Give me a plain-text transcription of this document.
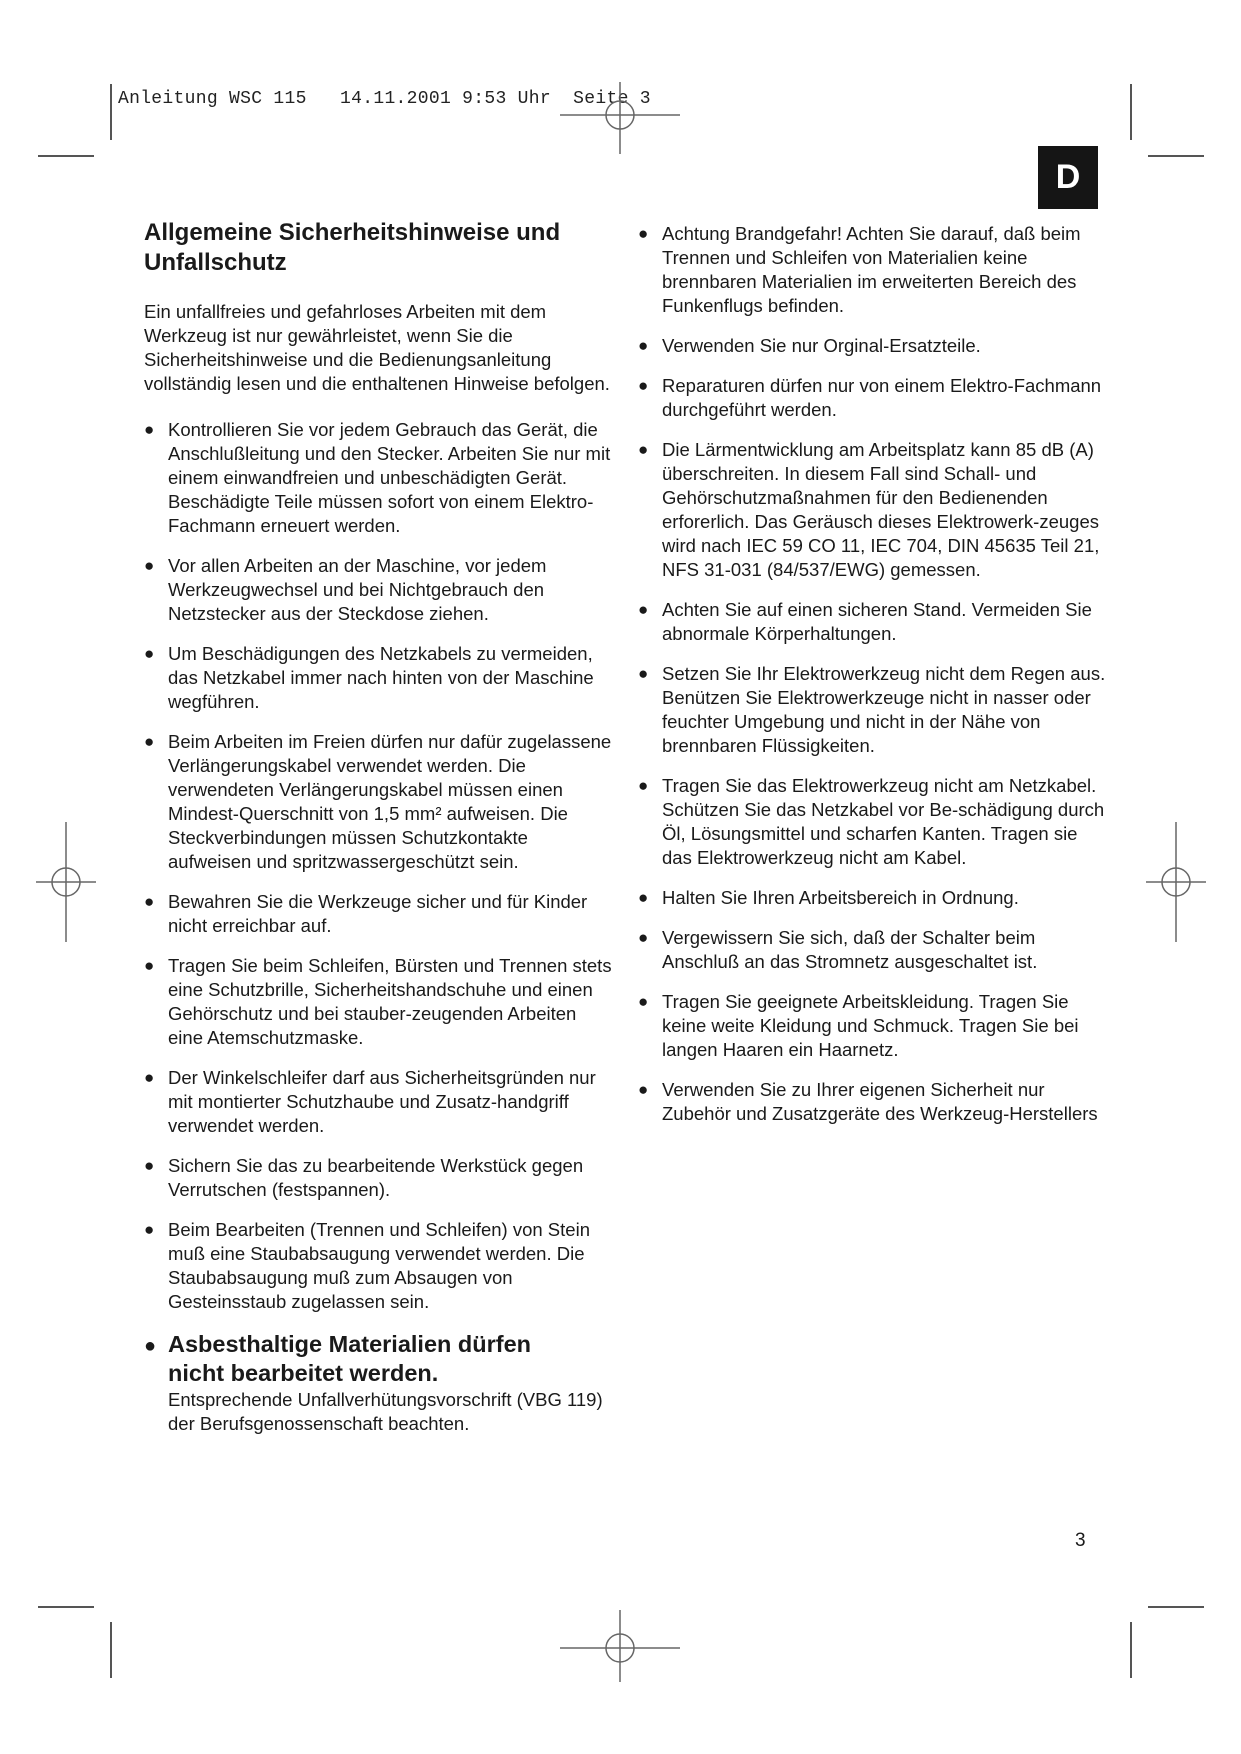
Anleitung WSC 115   14.11.2001 9:53 Uhr  Seite 3
D
Allgemeine Sicherheitshinweise und Unfallschutz

Ein unfallfreies und gefahrloses Arbeiten mit dem Werkzeug ist nur gewährleistet, wenn Sie die Sicherheitshinweise und die Bedienungsanleitung vollständig lesen und die enthaltenen Hinweise befolgen.

● Kontrollieren Sie vor jedem Gebrauch das Gerät, die Anschlußleitung und den Stecker. Arbeiten Sie nur mit einem einwandfreien und unbeschädigten Gerät. Beschädigte Teile müssen sofort von einem Elektro-Fachmann erneuert werden.
● Vor allen Arbeiten an der Maschine, vor jedem Werkzeugwechsel und bei Nichtgebrauch den Netzstecker aus der Steckdose ziehen.
● Um Beschädigungen des Netzkabels zu vermeiden, das Netzkabel immer nach hinten von der Maschine wegführen.
● Beim Arbeiten im Freien dürfen nur dafür zugelassene Verlängerungskabel verwendet werden. Die verwendeten Verlängerungskabel müssen einen Mindest-Querschnitt von 1,5 mm² aufweisen. Die Steckverbindungen müssen Schutzkontakte aufweisen und spritzwassergeschützt sein.
● Bewahren Sie die Werkzeuge sicher und für Kinder nicht erreichbar auf.
● Tragen Sie beim Schleifen, Bürsten und Trennen stets eine Schutzbrille, Sicherheitshandschuhe und einen Gehörschutz und bei stauber-zeugenden Arbeiten eine Atemschutzmaske.
● Der Winkelschleifer darf aus Sicherheitsgründen nur mit montierter Schutzhaube und Zusatz-handgriff verwendet werden.
● Sichern Sie das zu bearbeitende Werkstück gegen Verrutschen (festspannen).
● Beim Bearbeiten (Trennen und Schleifen) von Stein muß eine Staubabsaugung verwendet werden. Die Staubabsaugung muß zum Absaugen von Gesteinsstaub zugelassen sein.
● Asbesthaltige Materialien dürfen
nicht bearbeitet werden.
Entsprechende Unfallverhütungsvorschrift (VBG 119) der Berufsgenossenschaft beachten.
● Achtung Brandgefahr! Achten Sie darauf, daß beim Trennen und Schleifen von Materialien keine brennbaren Materialien im erweiterten Bereich des Funkenflugs befinden.
● Verwenden Sie nur Orginal-Ersatzteile.
● Reparaturen dürfen nur von einem Elektro-Fachmann durchgeführt werden.
● Die Lärmentwicklung am Arbeitsplatz kann 85 dB (A) überschreiten. In diesem Fall sind Schall- und Gehörschutzmaßnahmen für den Bedienenden erforerlich. Das Geräusch dieses Elektrowerk-zeuges wird nach IEC 59 CO 11, IEC 704, DIN 45635 Teil 21, NFS 31-031 (84/537/EWG) gemessen.
● Achten Sie auf einen sicheren Stand. Vermeiden Sie abnormale Körperhaltungen.
● Setzen Sie Ihr Elektrowerkzeug nicht dem Regen aus. Benützen Sie Elektrowerkzeuge nicht in nasser oder feuchter Umgebung und nicht in der Nähe von brennbaren Flüssigkeiten.
● Tragen Sie das Elektrowerkzeug nicht am Netzkabel. Schützen Sie das Netzkabel vor Be-schädigung durch Öl, Lösungsmittel und scharfen Kanten. Tragen sie das Elektrowerkzeug nicht am Kabel.
● Halten Sie Ihren Arbeitsbereich in Ordnung.
● Vergewissern Sie sich, daß der Schalter beim Anschluß an das Stromnetz ausgeschaltet ist.
● Tragen Sie geeignete Arbeitskleidung. Tragen Sie keine weite Kleidung und Schmuck. Tragen Sie bei langen Haaren ein Haarnetz.
● Verwenden Sie zu Ihrer eigenen Sicherheit nur Zubehör und Zusatzgeräte des Werkzeug-Herstellers
3
